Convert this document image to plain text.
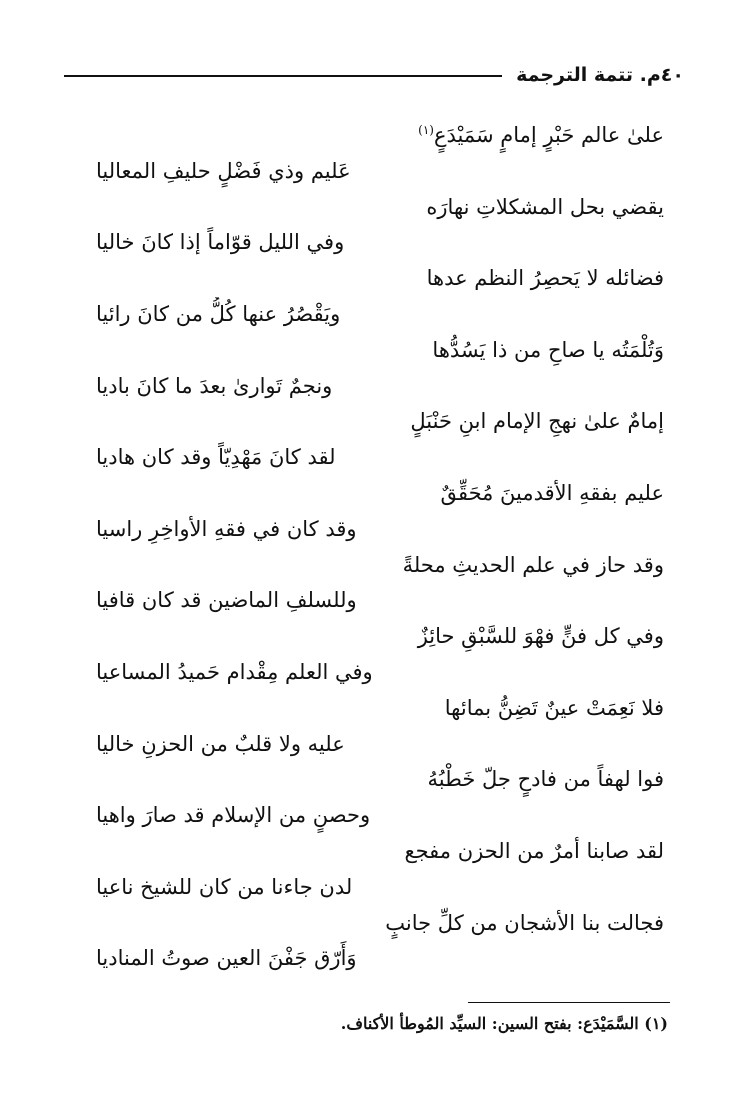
٤٠م. تتمة الترجمة
علىٰ عالم حَبْرٍ إمامٍ سَمَيْدَعٍ$^{(١)}$
عَليم وذي فَضْلٍ حليفِ المعاليا
يقضي بحل المشكلاتِ نهارَه
وفي الليل قوّاماً إذا كانَ خاليا
فضائله لا يَحصِرُ النظم عدها
ويَقْصُرُ عنها كُلُّ من كانَ رائيا
وَتُلْمَتُه يا صاحِ من ذا يَسُدُّها
ونجمٌ تَوارىٰ بعدَ ما كانَ باديا
إمامٌ علىٰ نهجِ الإمام ابنِ حَنْبَلٍ
لقد كانَ مَهْدِيّاً وقد كان هاديا
عليم بفقهِ الأقدمينَ مُحَقِّقٌ
وقد كان في فقهِ الأواخِرِ راسيا
وقد حاز في علم الحديثِ محلةً
وللسلفِ الماضين قد كان قافيا
وفي كل فنٍّ فهْوَ للسَّبْقِ حائِزٌ
وفي العلم مِقْدام حَميدُ المساعيا
فلا نَعِمَتْ عينٌ تَضِنُّ بمائها
عليه ولا قلبٌ من الحزنِ خاليا
فوا لهفاً من فادحٍ جلّ خَطْبُهُ
وحصنٍ من الإسلام قد صارَ واهيا
لقد صابنا أمرٌ من الحزن مفجع
لدن جاءنا من كان للشيخ ناعيا
فجالت بنا الأشجان من كلِّ جانبٍ
وَأَرّق جَفْنَ العين صوتُ المناديا
(١) السَّمَيْدَع: بفتح السين: السيِّد المُوطأ الأكناف.
